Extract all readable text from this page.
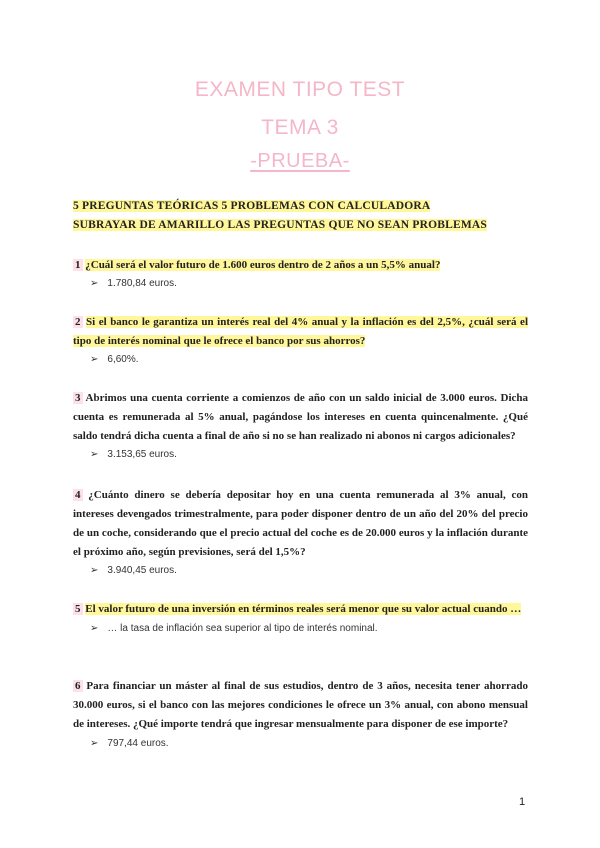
EXAMEN TIPO TEST
TEMA 3
-PRUEBA-
5 PREGUNTAS TEÓRICAS 5 PROBLEMAS CON CALCULADORA
SUBRAYAR DE AMARILLO LAS PREGUNTAS QUE NO SEAN PROBLEMAS
1 ¿Cuál será el valor futuro de 1.600 euros dentro de 2 años a un 5,5% anual?
➢ 1.780,84 euros.
2 Si el banco le garantiza un interés real del 4% anual y la inflación es del 2,5%, ¿cuál será el tipo de interés nominal que le ofrece el banco por sus ahorros?
➢ 6,60%.
3 Abrimos una cuenta corriente a comienzos de año con un saldo inicial de 3.000 euros. Dicha cuenta es remunerada al 5% anual, pagándose los intereses en cuenta quincenalmente. ¿Qué saldo tendrá dicha cuenta a final de año si no se han realizado ni abonos ni cargos adicionales?
➢ 3.153,65 euros.
4 ¿Cuánto dinero se debería depositar hoy en una cuenta remunerada al 3% anual, con intereses devengados trimestralmente, para poder disponer dentro de un año del 20% del precio de un coche, considerando que el precio actual del coche es de 20.000 euros y la inflación durante el próximo año, según previsiones, será del 1,5%?
➢ 3.940,45 euros.
5 El valor futuro de una inversión en términos reales será menor que su valor actual cuando …
➢ … la tasa de inflación sea superior al tipo de interés nominal.
6 Para financiar un máster al final de sus estudios, dentro de 3 años, necesita tener ahorrado 30.000 euros, si el banco con las mejores condiciones le ofrece un 3% anual, con abono mensual de intereses. ¿Qué importe tendrá que ingresar mensualmente para disponer de ese importe?
➢ 797,44 euros.
1
